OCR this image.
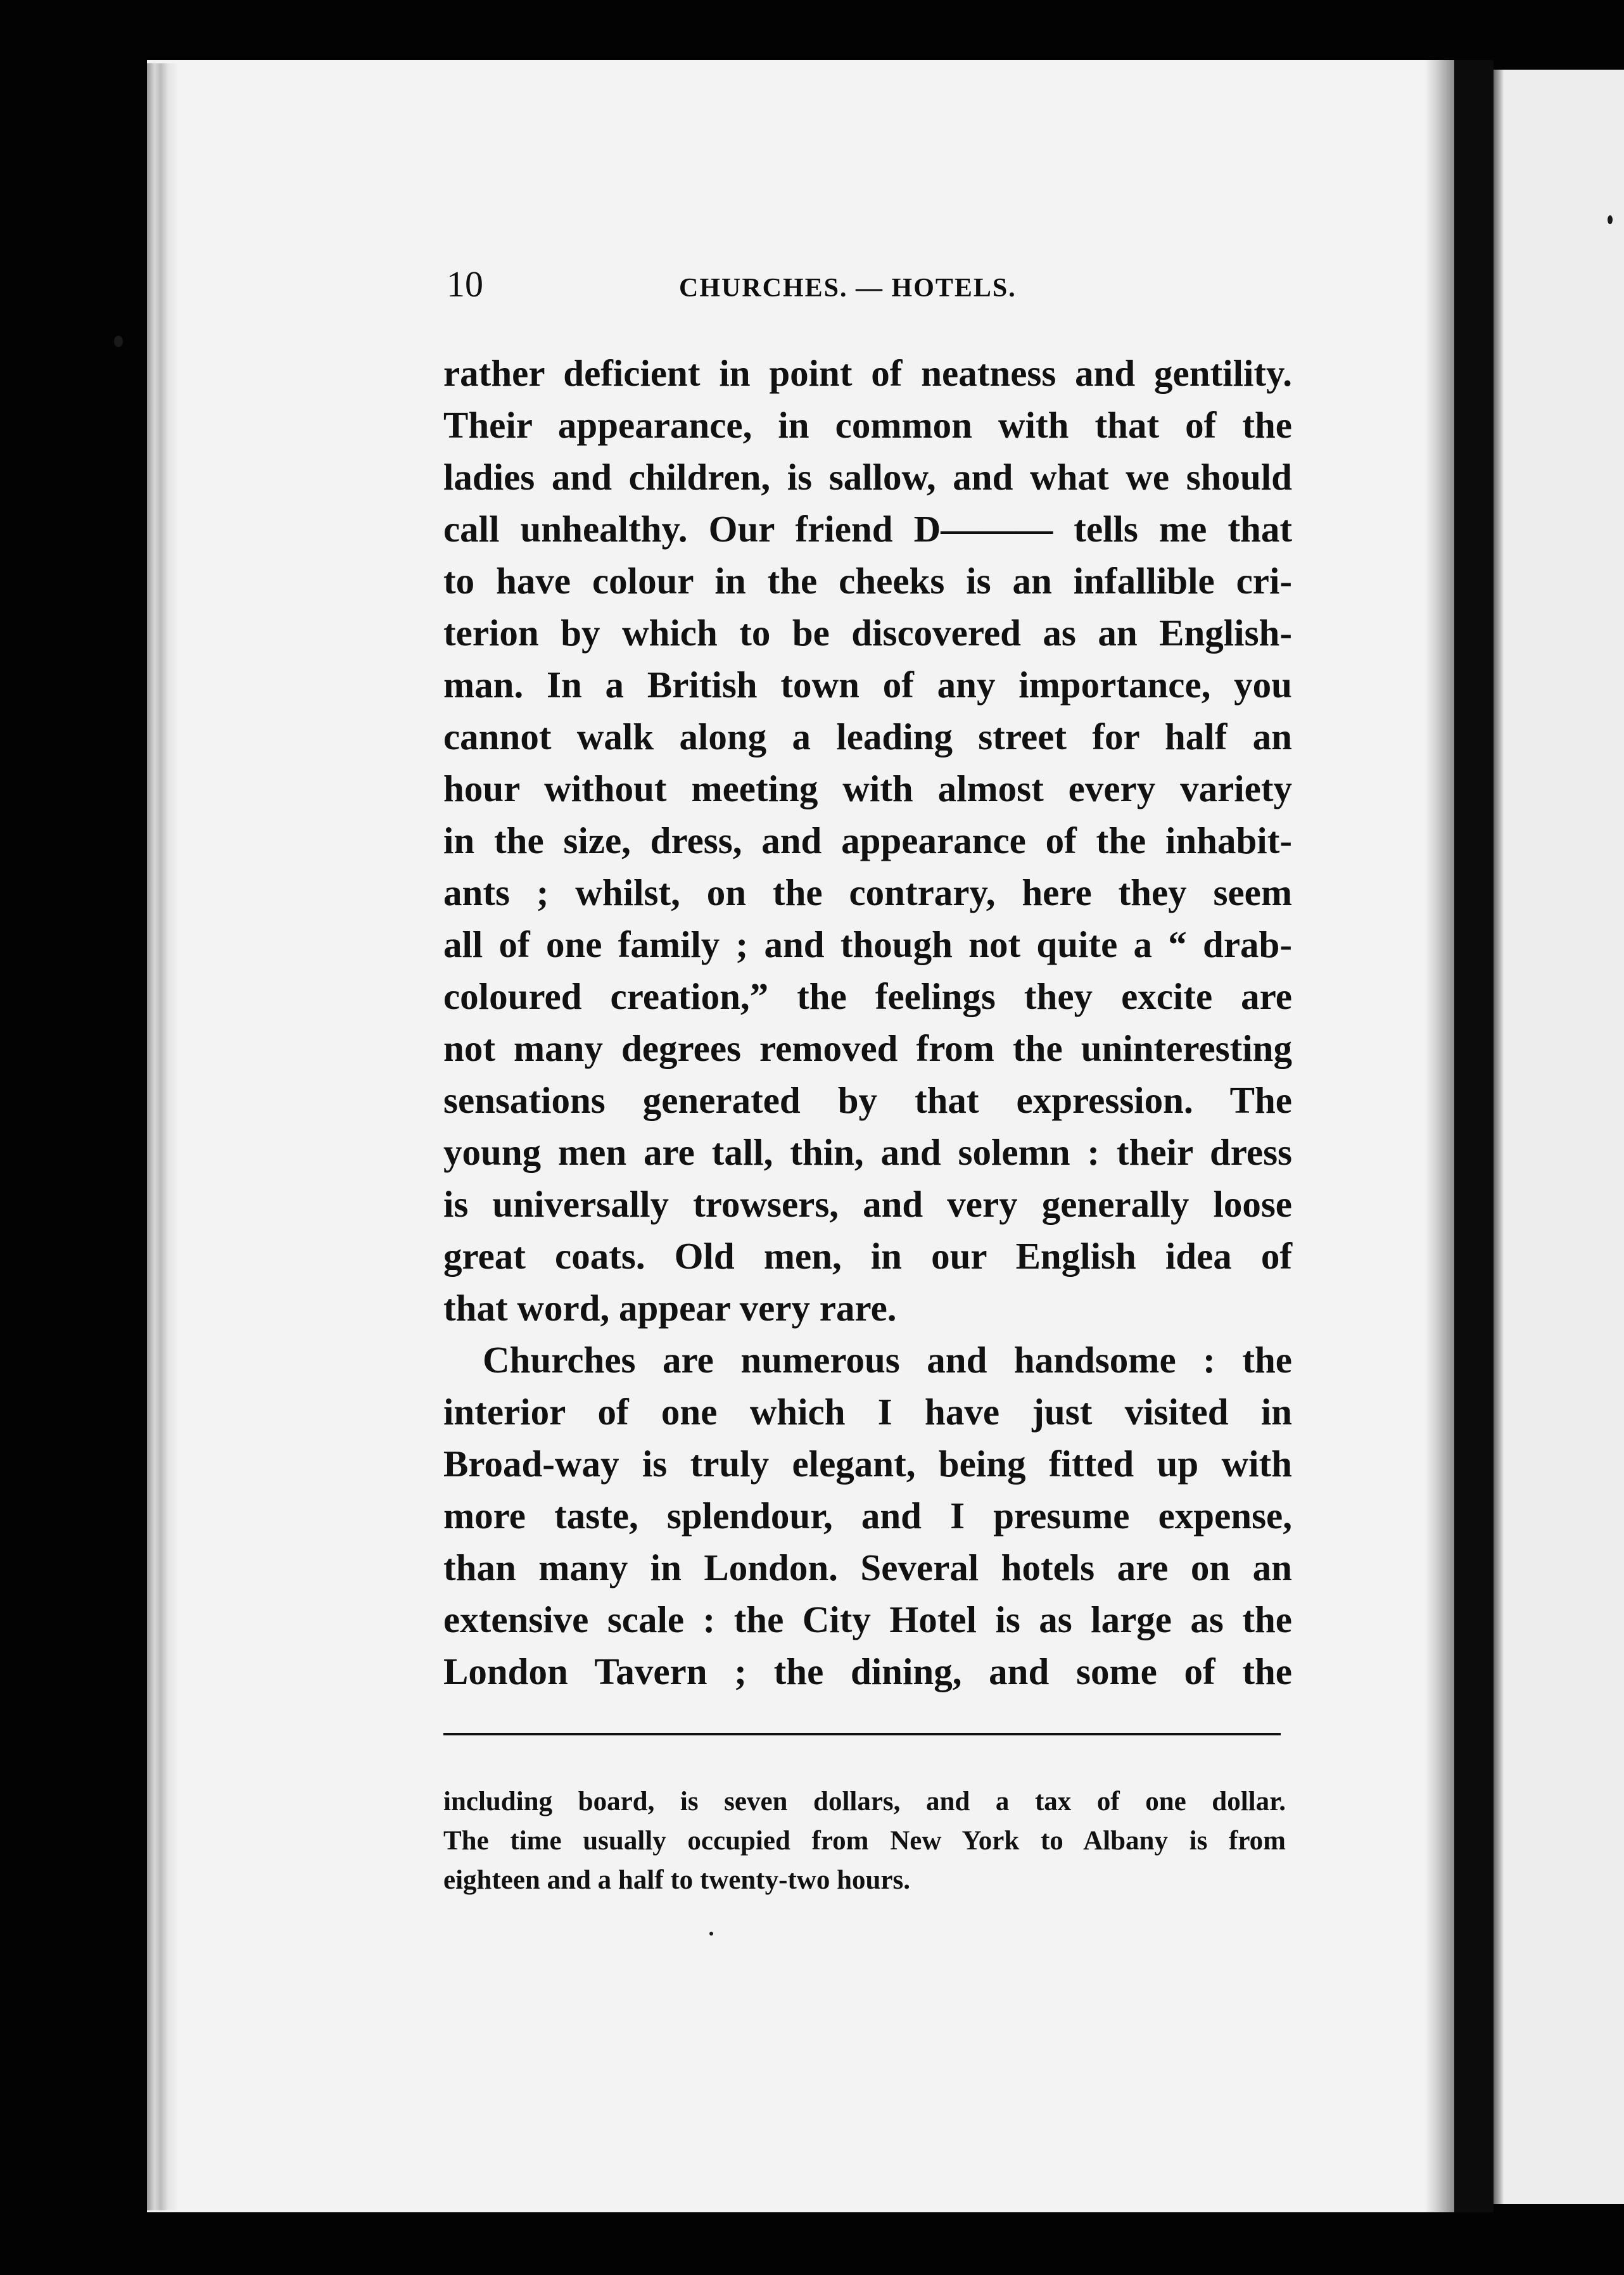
10	CHURCHES. — HOTELS.
rather deficient in point of neatness and gentility.
Their appearance, in common with that of the
ladies and children, is sallow, and what we should
call unhealthy. Our friend D——— tells me that
to have colour in the cheeks is an infallible cri-
terion by which to be discovered as an English-
man. In a British town of any importance, you
cannot walk along a leading street for half an
hour without meeting with almost every variety
in the size, dress, and appearance of the inhabit-
ants ; whilst, on the contrary, here they seem
all of one family ; and though not quite a “ drab-
coloured creation,” the feelings they excite are
not many degrees removed from the uninteresting
sensations generated by that expression. The
young men are tall, thin, and solemn : their dress
is universally trowsers, and very generally loose
great coats. Old men, in our English idea of
that word, appear very rare.
Churches are numerous and handsome : the
interior of one which I have just visited in
Broad-way is truly elegant, being fitted up with
more taste, splendour, and I presume expense,
than many in London. Several hotels are on an
extensive scale : the City Hotel is as large as the
London Tavern ; the dining, and some of the
including board, is seven dollars, and a tax of one dollar.
The time usually occupied from New York to Albany is from
eighteen and a half to twenty-two hours.
